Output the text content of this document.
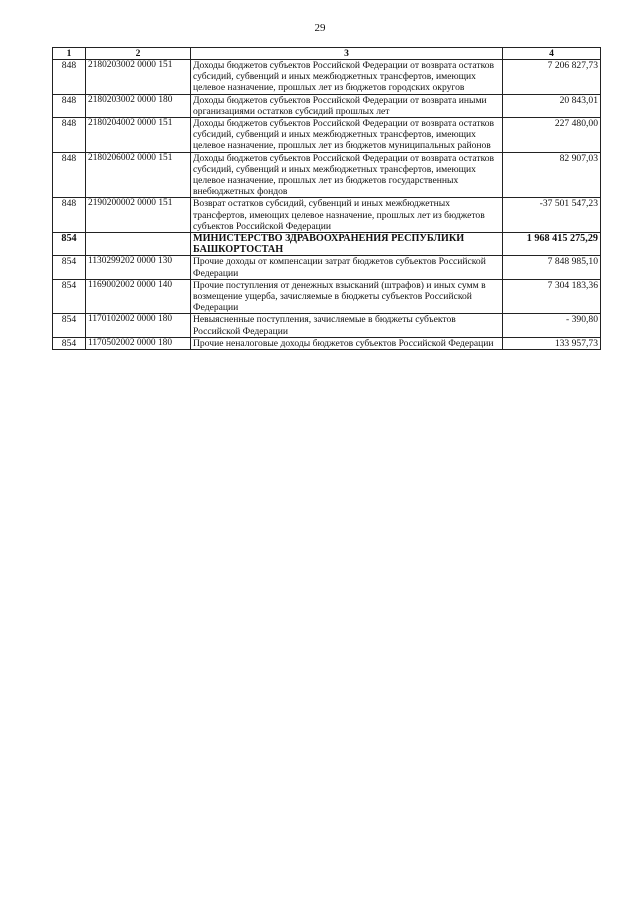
29
1	2	3	4
848	2180203002 0000 151	Доходы бюджетов субъектов Российской Федерации от возврата остатков субсидий, субвенций и иных межбюджетных трансфертов, имеющих целевое назначение, прошлых лет из бюджетов городских округов	7 206 827,73
848	2180203002 0000 180	Доходы бюджетов субъектов Российской Федерации от возврата иными организациями остатков субсидий прошлых лет	20 843,01
848	2180204002 0000 151	Доходы бюджетов субъектов Российской Федерации от возврата остатков субсидий, субвенций и иных межбюджетных трансфертов, имеющих целевое назначение, прошлых лет из бюджетов муниципальных районов	227 480,00
848	2180206002 0000 151	Доходы бюджетов субъектов Российской Федерации от возврата остатков субсидий, субвенций и иных межбюджетных трансфертов, имеющих целевое назначение, прошлых лет из бюджетов государственных внебюджетных фондов	82 907,03
848	2190200002 0000 151	Возврат остатков субсидий, субвенций и иных межбюджетных трансфертов, имеющих целевое назначение, прошлых лет из бюджетов субъектов Российской Федерации	-37 501 547,23
854		МИНИСТЕРСТВО ЗДРАВООХРАНЕНИЯ РЕСПУБЛИКИ БАШКОРТОСТАН	1 968 415 275,29
854	1130299202 0000 130	Прочие доходы от компенсации затрат бюджетов субъектов Российской Федерации	7 848 985,10
854	1169002002 0000 140	Прочие поступления от денежных взысканий (штрафов) и иных сумм в возмещение ущерба, зачисляемые в бюджеты субъектов Российской Федерации	7 304 183,36
854	1170102002 0000 180	Невыясненные поступления, зачисляемые в бюджеты субъектов Российской Федерации	- 390,80
854	1170502002 0000 180	Прочие неналоговые доходы бюджетов субъектов Российской Федерации	133 957,73
